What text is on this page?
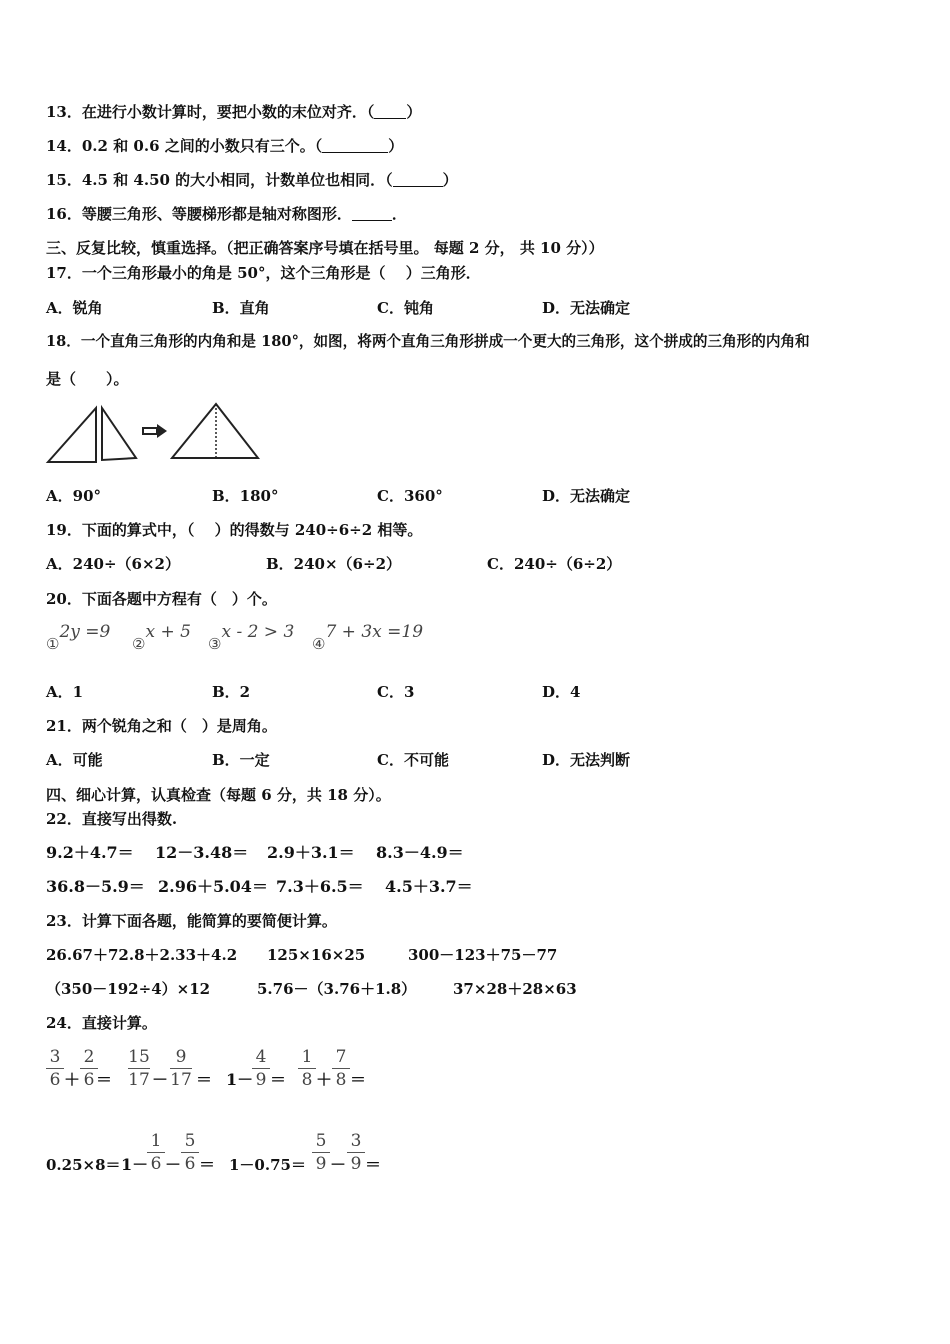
13．在进行小数计算时，要把小数的末位对齐．（ ）
14．0.2 和 0.6 之间的小数只有三个。（	）
15．4.5 和 4.50 的大小相同，计数单位也相同．（	）
16．等腰三角形、等腰梯形都是轴对称图形．	．
三、反复比较，慎重选择。（把正确答案序号填在括号里。 每题 2 分， 共 10 分））
17．一个三角形最小的角是 50°，这个三角形是（　 ）三角形．
A．锐角	B．直角	C．钝角	D．无法确定
18．一个直角三角形的内角和是 180°，如图，将两个直角三角形拼成一个更大的三角形，这个拼成的三角形的内角和
是（　　）。
A．90°	B．180°	C．360°	D．无法确定
19．下面的算式中，（　 ）的得数与 240÷6÷2 相等。
A．240÷（6×2）	B．240×（6÷2）	C．240÷（6÷2）
20．下面各题中方程有（　）个。
①2y =9
②x + 5
③x - 2 > 3
④7 + 3x =19
A．1	B．2	C．3	D．4
21．两个锐角之和（　）是周角。
A．可能	B．一定	C．不可能	D．无法判断
四、细心计算，认真检查（每题 6 分，共 18 分）。
22．直接写出得数.
9.2＋4.7＝ 12－3.48＝ 2.9＋3.1＝ 8.3－4.9＝
36.8－5.9＝ 2.96＋5.04＝ 7.3＋6.5＝ 4.5＋3.7＝
23．计算下面各题，能简算的要简便计算。
26.67＋72.8＋2.33＋4.2 125×16×25	300－123＋75－77
（350－192÷4）×12	5.76－（3.76＋1.8） 37×28＋28×63
24．直接计算。
3
6 ＋
2
6 ＝
15
17 －
9
17 ＝ 1－
4
9 ＝
1
8 ＋
7
8 ＝
0.25×8＝ 1－
1
6 －
5
6 ＝ 1－0.75＝
5
9 －
3
9 ＝
